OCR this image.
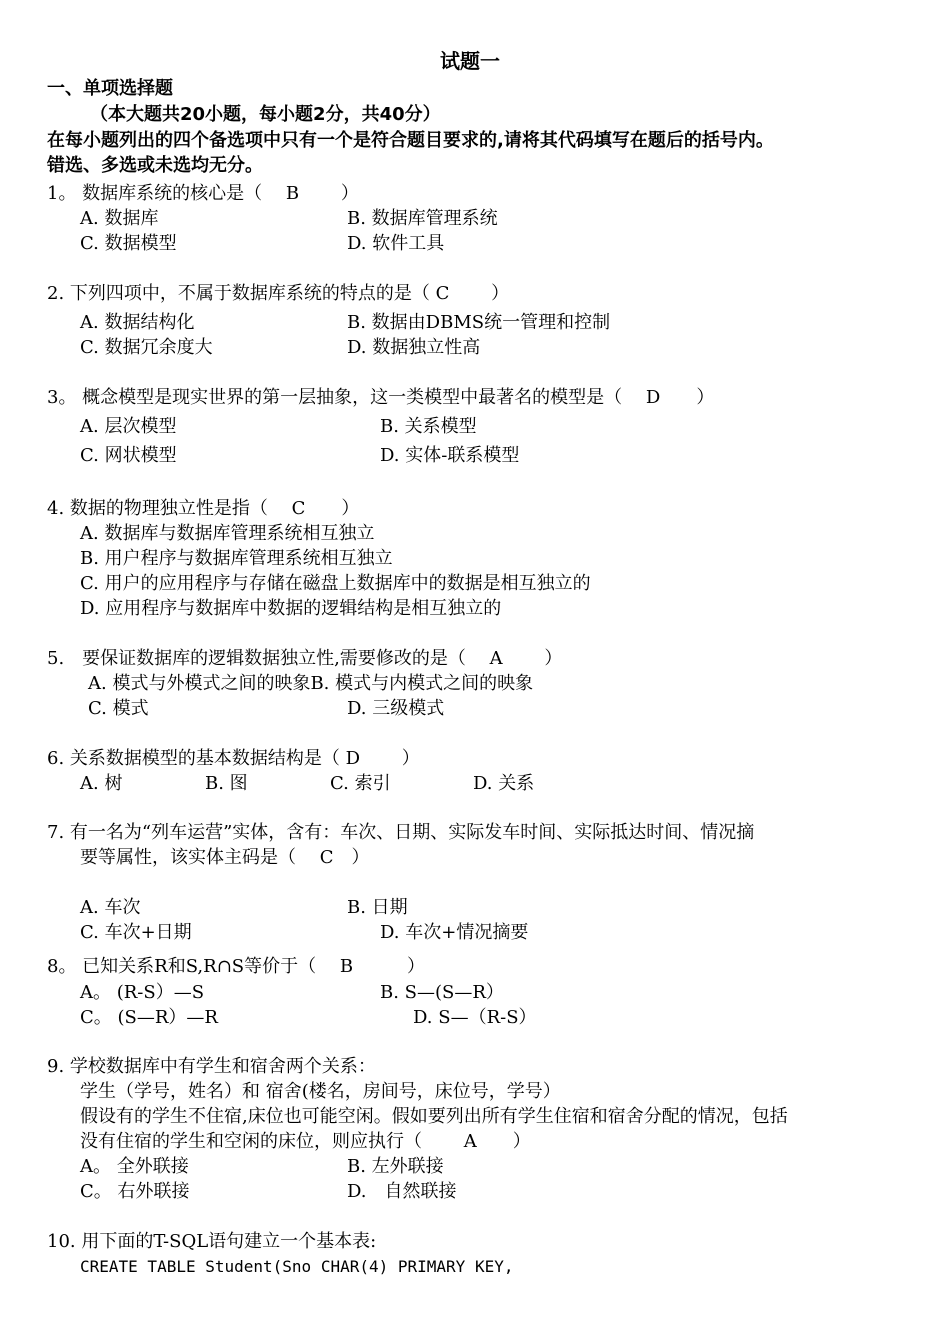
试题一
一、单项选择题
（本大题共20小题，每小题2分，共40分）
在每小题列出的四个备选项中只有一个是符合题目要求的,请将其代码填写在题后的括号内。
错选、多选或未选均无分。
1。 数据库系统的核心是（　 B　　 ）
A. 数据库	B. 数据库管理系统
C. 数据模型	D. 软件工具
2. 下列四项中，不属于数据库系统的特点的是（ C　　 ）
A. 数据结构化	B. 数据由DBMS统一管理和控制
C. 数据冗余度大	D. 数据独立性高
3。 概念模型是现实世界的第一层抽象，这一类模型中最著名的模型是（　 D　　）
A. 层次模型	B. 关系模型
C. 网状模型	D. 实体-联系模型
4. 数据的物理独立性是指（　 C　　）
A. 数据库与数据库管理系统相互独立
B. 用户程序与数据库管理系统相互独立
C. 用户的应用程序与存储在磁盘上数据库中的数据是相互独立的
D. 应用程序与数据库中数据的逻辑结构是相互独立的
5.　要保证数据库的逻辑数据独立性,需要修改的是（　 A　　 ）
A. 模式与外模式之间的映象B. 模式与内模式之间的映象
C. 模式	D. 三级模式
6. 关系数据模型的基本数据结构是（ D　　 ）
A. 树	B. 图	C. 索引	D. 关系
7. 有一名为“列车运营”实体，含有：车次、日期、实际发车时间、实际抵达时间、情况摘
要等属性，该实体主码是（　 C　）
A. 车次	B. 日期
C. 车次+日期	D. 车次+情况摘要
8。 已知关系R和S,R∩S等价于（　 B　　　）
A。 (R-S）—S	B. S—(S—R）
C。 (S—R）—R	D. S—（R-S）
9. 学校数据库中有学生和宿舍两个关系：
学生（学号，姓名）和 宿舍(楼名，房间号，床位号，学号）
假设有的学生不住宿,床位也可能空闲。假如要列出所有学生住宿和宿舍分配的情况，包括
没有住宿的学生和空闲的床位，则应执行（　　 A　　）
A。 全外联接	B. 左外联接
C。 右外联接	D.　自然联接
10. 用下面的T-SQL语句建立一个基本表:
CREATE TABLE Student(Sno CHAR(4) PRIMARY KEY,
